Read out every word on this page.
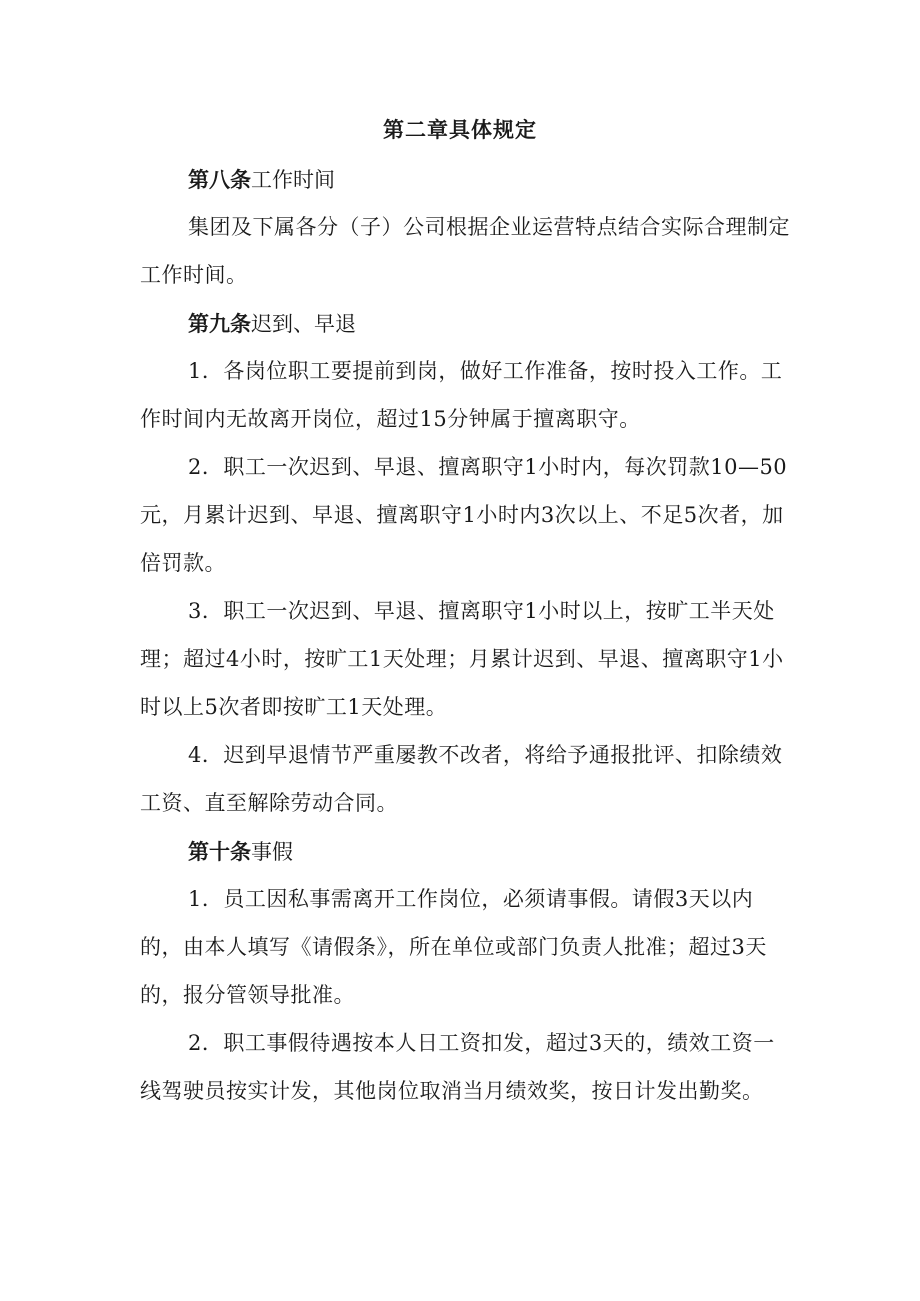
第二章具体规定
第八条工作时间

集团及下属各分（子）公司根据企业运营特点结合实际合理制定工作时间。

第九条迟到、早退

1．各岗位职工要提前到岗，做好工作准备，按时投入工作。工作时间内无故离开岗位，超过15分钟属于擅离职守。

2．职工一次迟到、早退、擅离职守1小时内，每次罚款10—50元，月累计迟到、早退、擅离职守1小时内3次以上、不足5次者，加倍罚款。

3．职工一次迟到、早退、擅离职守1小时以上，按旷工半天处理；超过4小时，按旷工1天处理；月累计迟到、早退、擅离职守1小时以上5次者即按旷工1天处理。

4．迟到早退情节严重屡教不改者，将给予通报批评、扣除绩效工资、直至解除劳动合同。

第十条事假

1．员工因私事需离开工作岗位，必须请事假。请假3天以内的，由本人填写《请假条》，所在单位或部门负责人批准；超过3天的，报分管领导批准。

2．职工事假待遇按本人日工资扣发，超过3天的，绩效工资一线驾驶员按实计发，其他岗位取消当月绩效奖，按日计发出勤奖。
